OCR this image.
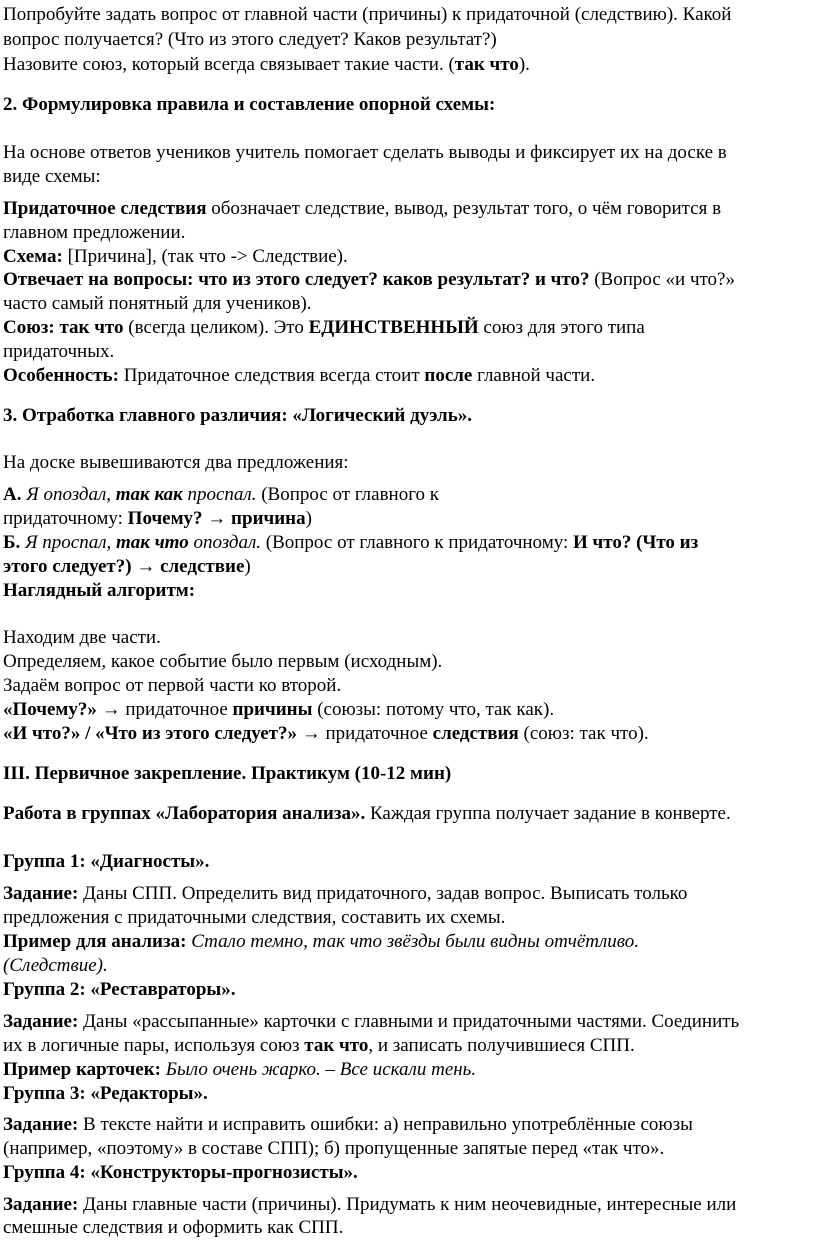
Попробуйте задать вопрос от главной части (причины) к придаточной (следствию). Какой
вопрос получается? (Что из этого следует? Каков результат?)
Назовите союз, который всегда связывает такие части. (так что).
2. Формулировка правила и составление опорной схемы:
На основе ответов учеников учитель помогает сделать выводы и фиксирует их на доске в
виде схемы:
Придаточное следствия обозначает следствие, вывод, результат того, о чём говорится в
главном предложении.
Схема: [Причина], (так что -> Следствие).
Отвечает на вопросы: что из этого следует? каков результат? и что? (Вопрос «и что?»
часто самый понятный для учеников).
Союз: так что (всегда целиком). Это ЕДИНСТВЕННЫЙ союз для этого типа
придаточных.
Особенность: Придаточное следствия всегда стоит после главной части.
3. Отработка главного различия: «Логический дуэль».
На доске вывешиваются два предложения:
А. Я опоздал, так как проспал. (Вопрос от главного к
придаточному: Почему? → причина)
Б. Я проспал, так что опоздал. (Вопрос от главного к придаточному: И что? (Что из
этого следует?) → следствие)
Наглядный алгоритм:
Находим две части.
Определяем, какое событие было первым (исходным).
Задаём вопрос от первой части ко второй.
«Почему?» → придаточное причины (союзы: потому что, так как).
«И что?» / «Что из этого следует?» → придаточное следствия (союз: так что).
III. Первичное закрепление. Практикум (10-12 мин)
Работа в группах «Лаборатория анализа». Каждая группа получает задание в конверте.
Группа 1: «Диагносты».
Задание: Даны СПП. Определить вид придаточного, задав вопрос. Выписать только
предложения с придаточными следствия, составить их схемы.
Пример для анализа: Стало темно, так что звёзды были видны отчётливо.
(Следствие).
Группа 2: «Реставраторы».
Задание: Даны «рассыпанные» карточки с главными и придаточными частями. Соединить
их в логичные пары, используя союз так что, и записать получившиеся СПП.
Пример карточек: Было очень жарко. – Все искали тень.
Группа 3: «Редакторы».
Задание: В тексте найти и исправить ошибки: а) неправильно употреблённые союзы
(например, «поэтому» в составе СПП); б) пропущенные запятые перед «так что».
Группа 4: «Конструкторы-прогнозисты».
Задание: Даны главные части (причины). Придумать к ним неочевидные, интересные или
смешные следствия и оформить как СПП.
